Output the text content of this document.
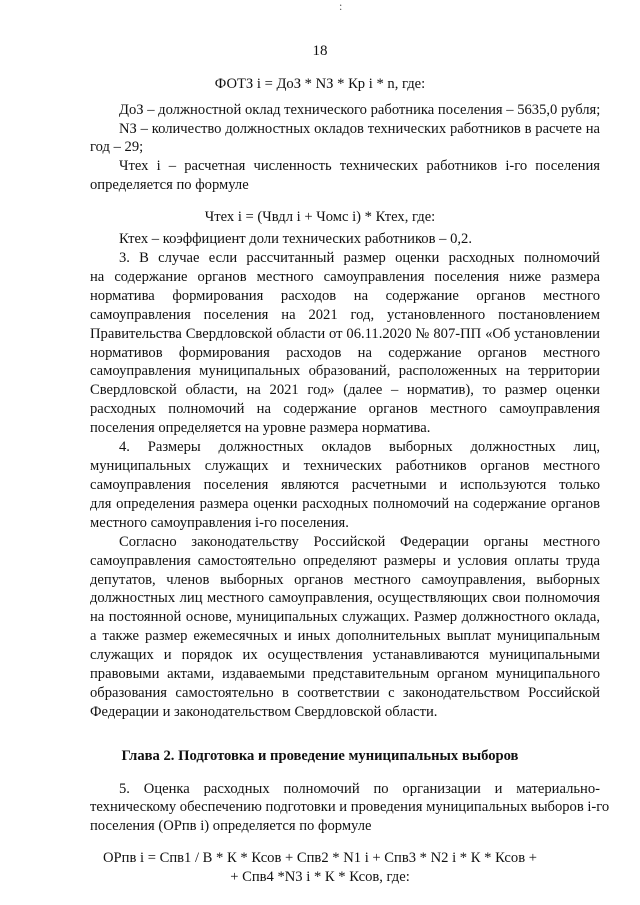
:
18
ФОТЗ i = ДоЗ * NЗ * Кр i * n, где:
ДоЗ – должностной оклад технического работника поселения – 5635,0 рубля;
NЗ – количество должностных окладов технических работников в расчете на
год – 29;
Чтех i – расчетная численность технических работников i-го поселения
определяется по формуле
Чтех i = (Чвдл i + Чомс i) * Ктех, где:
Ктех – коэффициент доли технических работников – 0,2.
3. В случае если рассчитанный размер оценки расходных полномочий
на содержание органов местного самоуправления поселения ниже размера
норматива формирования расходов на содержание органов местного
самоуправления поселения на 2021 год, установленного постановлением
Правительства Свердловской области от 06.11.2020 № 807-ПП «Об установлении
нормативов формирования расходов на содержание органов местного
самоуправления муниципальных образований, расположенных на территории
Свердловской области, на 2021 год» (далее – норматив), то размер оценки
расходных полномочий на содержание органов местного самоуправления
поселения определяется на уровне размера норматива.
4. Размеры должностных окладов выборных должностных лиц,
муниципальных служащих и технических работников органов местного
самоуправления поселения являются расчетными и используются только
для определения размера оценки расходных полномочий на содержание органов
местного самоуправления i-го поселения.
Согласно законодательству Российской Федерации органы местного
самоуправления самостоятельно определяют размеры и условия оплаты труда
депутатов, членов выборных органов местного самоуправления, выборных
должностных лиц местного самоуправления, осуществляющих свои полномочия
на постоянной основе, муниципальных служащих. Размер должностного оклада,
а также размер ежемесячных и иных дополнительных выплат муниципальным
служащих и порядок их осуществления устанавливаются муниципальными
правовыми актами, издаваемыми представительным органом муниципального
образования самостоятельно в соответствии с законодательством Российской
Федерации и законодательством Свердловской области.
Глава 2. Подготовка и проведение муниципальных выборов
5. Оценка расходных полномочий по организации и материально-
техническому обеспечению подготовки и проведения муниципальных выборов i-го
поселения (ОРпв i) определяется по формуле
ОРпв i = Спв1 / В * К * Ксов + Спв2 * N1 i + Спв3 * N2 i * К * Ксов +
+ Спв4 *N3 i * К * Ксов, где:
